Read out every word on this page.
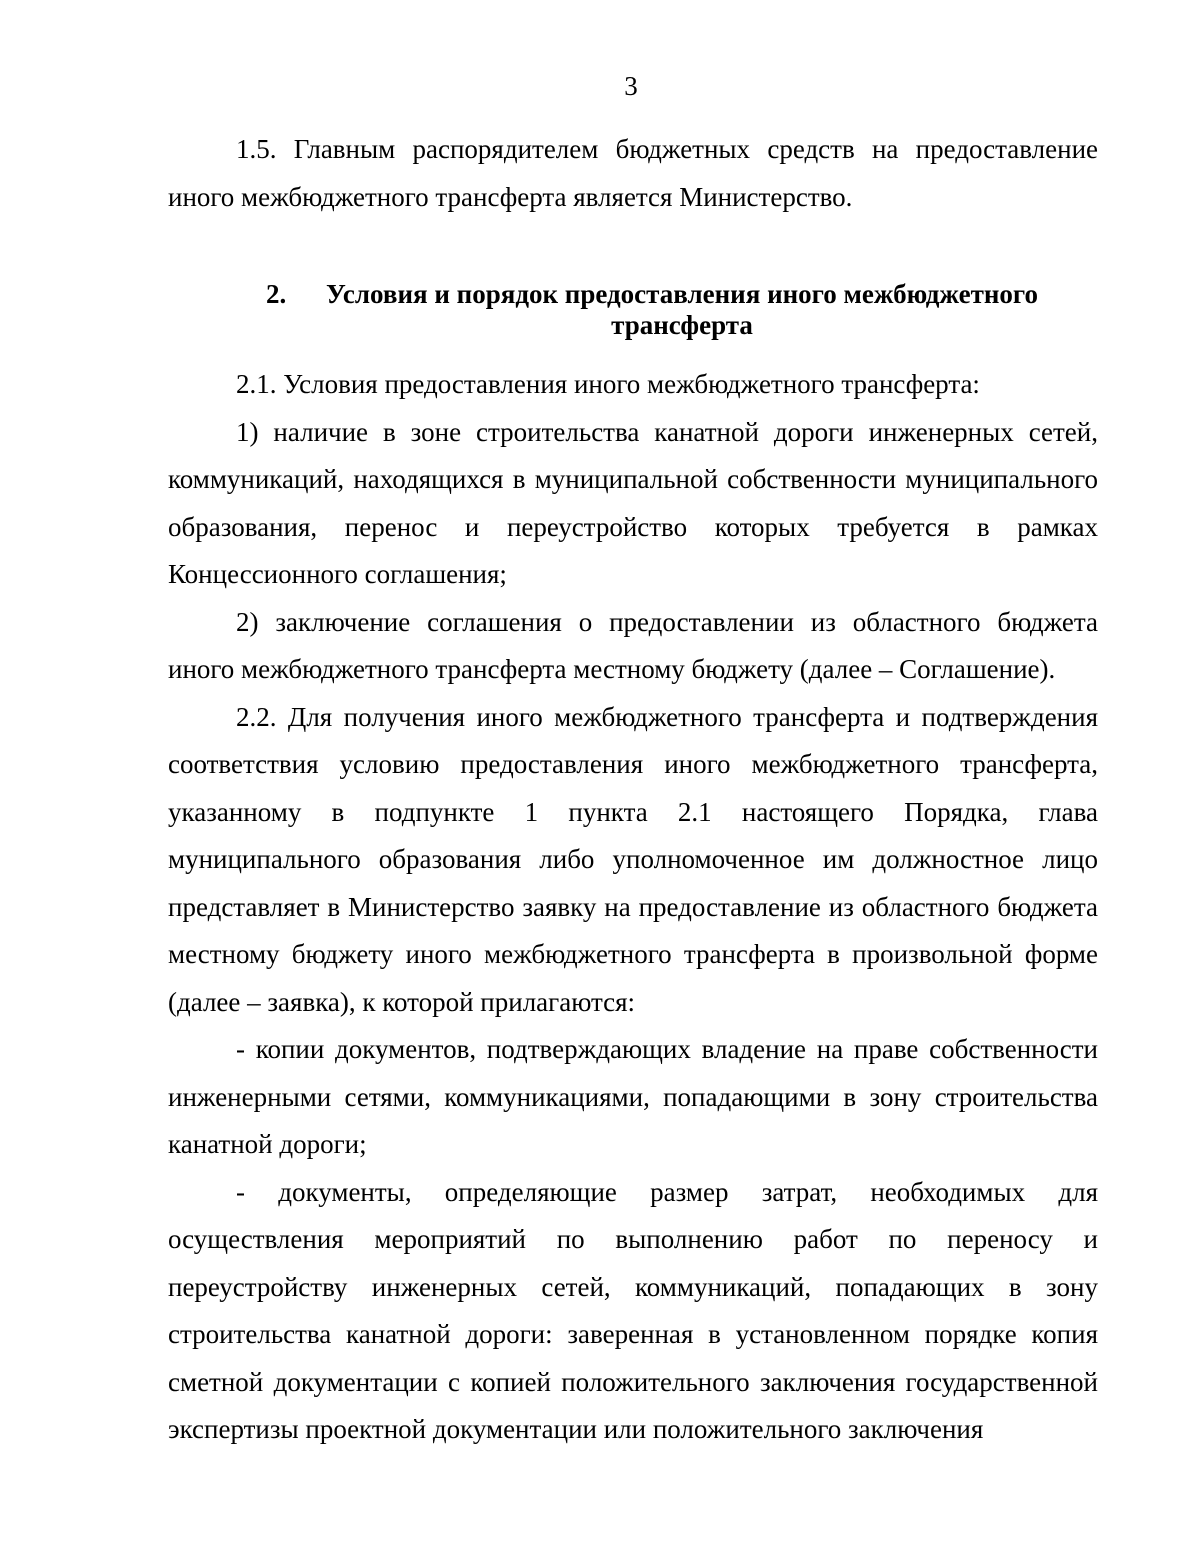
3

1.5. Главным распорядителем бюджетных средств на предоставление иного межбюджетного трансферта является Министерство.

2.	Условия и порядок предоставления иного межбюджетного
трансферта

2.1. Условия предоставления иного межбюджетного трансферта:

1) наличие в зоне строительства канатной дороги инженерных сетей, коммуникаций, находящихся в муниципальной собственности муниципального образования, перенос и переустройство которых требуется в рамках Концессионного соглашения;

2) заключение соглашения о предоставлении из областного бюджета иного межбюджетного трансферта местному бюджету (далее – Соглашение).

2.2. Для получения иного межбюджетного трансферта и подтверждения соответствия условию предоставления иного межбюджетного трансферта, указанному в подпункте 1 пункта 2.1 настоящего Порядка, глава муниципального образования либо уполномоченное им должностное лицо представляет в Министерство заявку на предоставление из областного бюджета местному бюджету иного межбюджетного трансферта в произвольной форме (далее – заявка), к которой прилагаются:

- копии документов, подтверждающих владение на праве собственности инженерными сетями, коммуникациями, попадающими в зону строительства канатной дороги;

- документы, определяющие размер затрат, необходимых для осуществления мероприятий по выполнению работ по переносу и переустройству инженерных сетей, коммуникаций, попадающих в зону строительства канатной дороги: заверенная в установленном порядке копия сметной документации с копией положительного заключения государственной экспертизы проектной документации или положительного заключения
